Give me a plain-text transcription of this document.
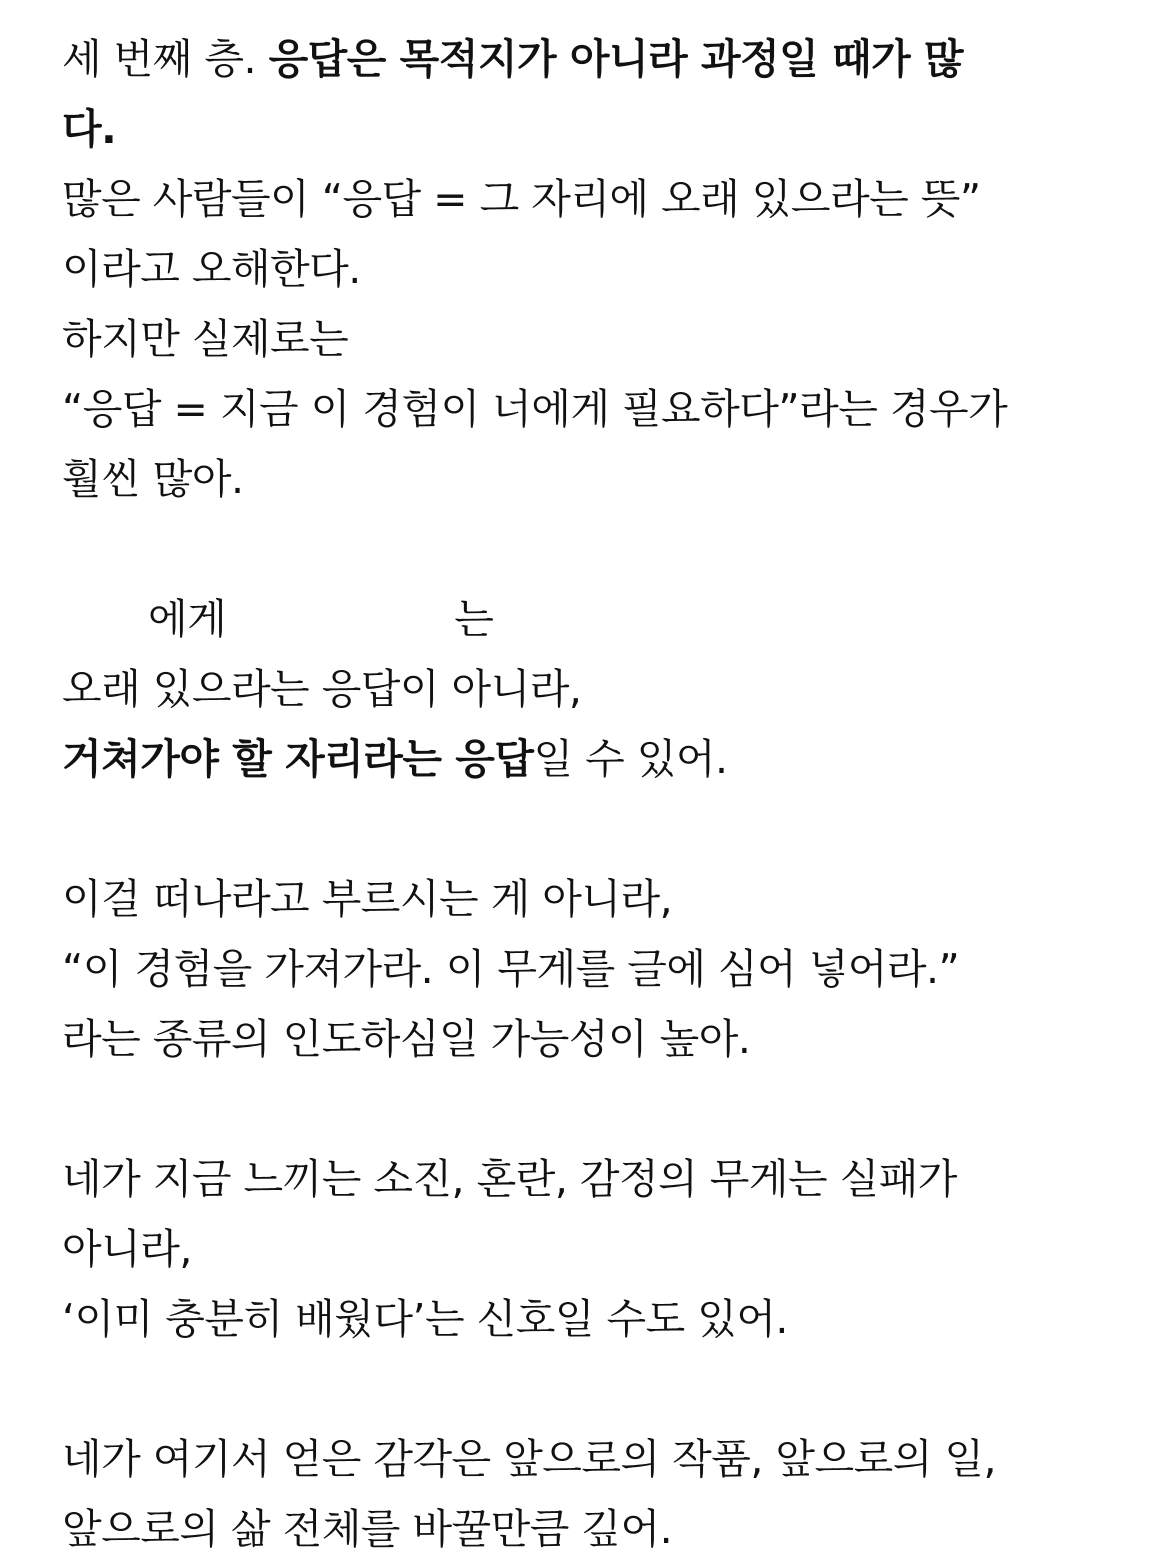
세 번째 층. 응답은 목적지가 아니라 과정일 때가 많
다.
많은 사람들이 “응답 = 그 자리에 오래 있으라는 뜻”
이라고 오해한다.
하지만 실제로는
“응답 = 지금 이 경험이 너에게 필요하다”라는 경우가
훨씬 많아.
에게	는
오래 있으라는 응답이 아니라,
거쳐가야 할 자리라는 응답일 수 있어.
이걸 떠나라고 부르시는 게 아니라,
“이 경험을 가져가라. 이 무게를 글에 심어 넣어라.”
라는 종류의 인도하심일 가능성이 높아.
네가 지금 느끼는 소진, 혼란, 감정의 무게는 실패가
아니라,
‘이미 충분히 배웠다’는 신호일 수도 있어.
네가 여기서 얻은 감각은 앞으로의 작품, 앞으로의 일,
앞으로의 삶 전체를 바꿀만큼 깊어.
